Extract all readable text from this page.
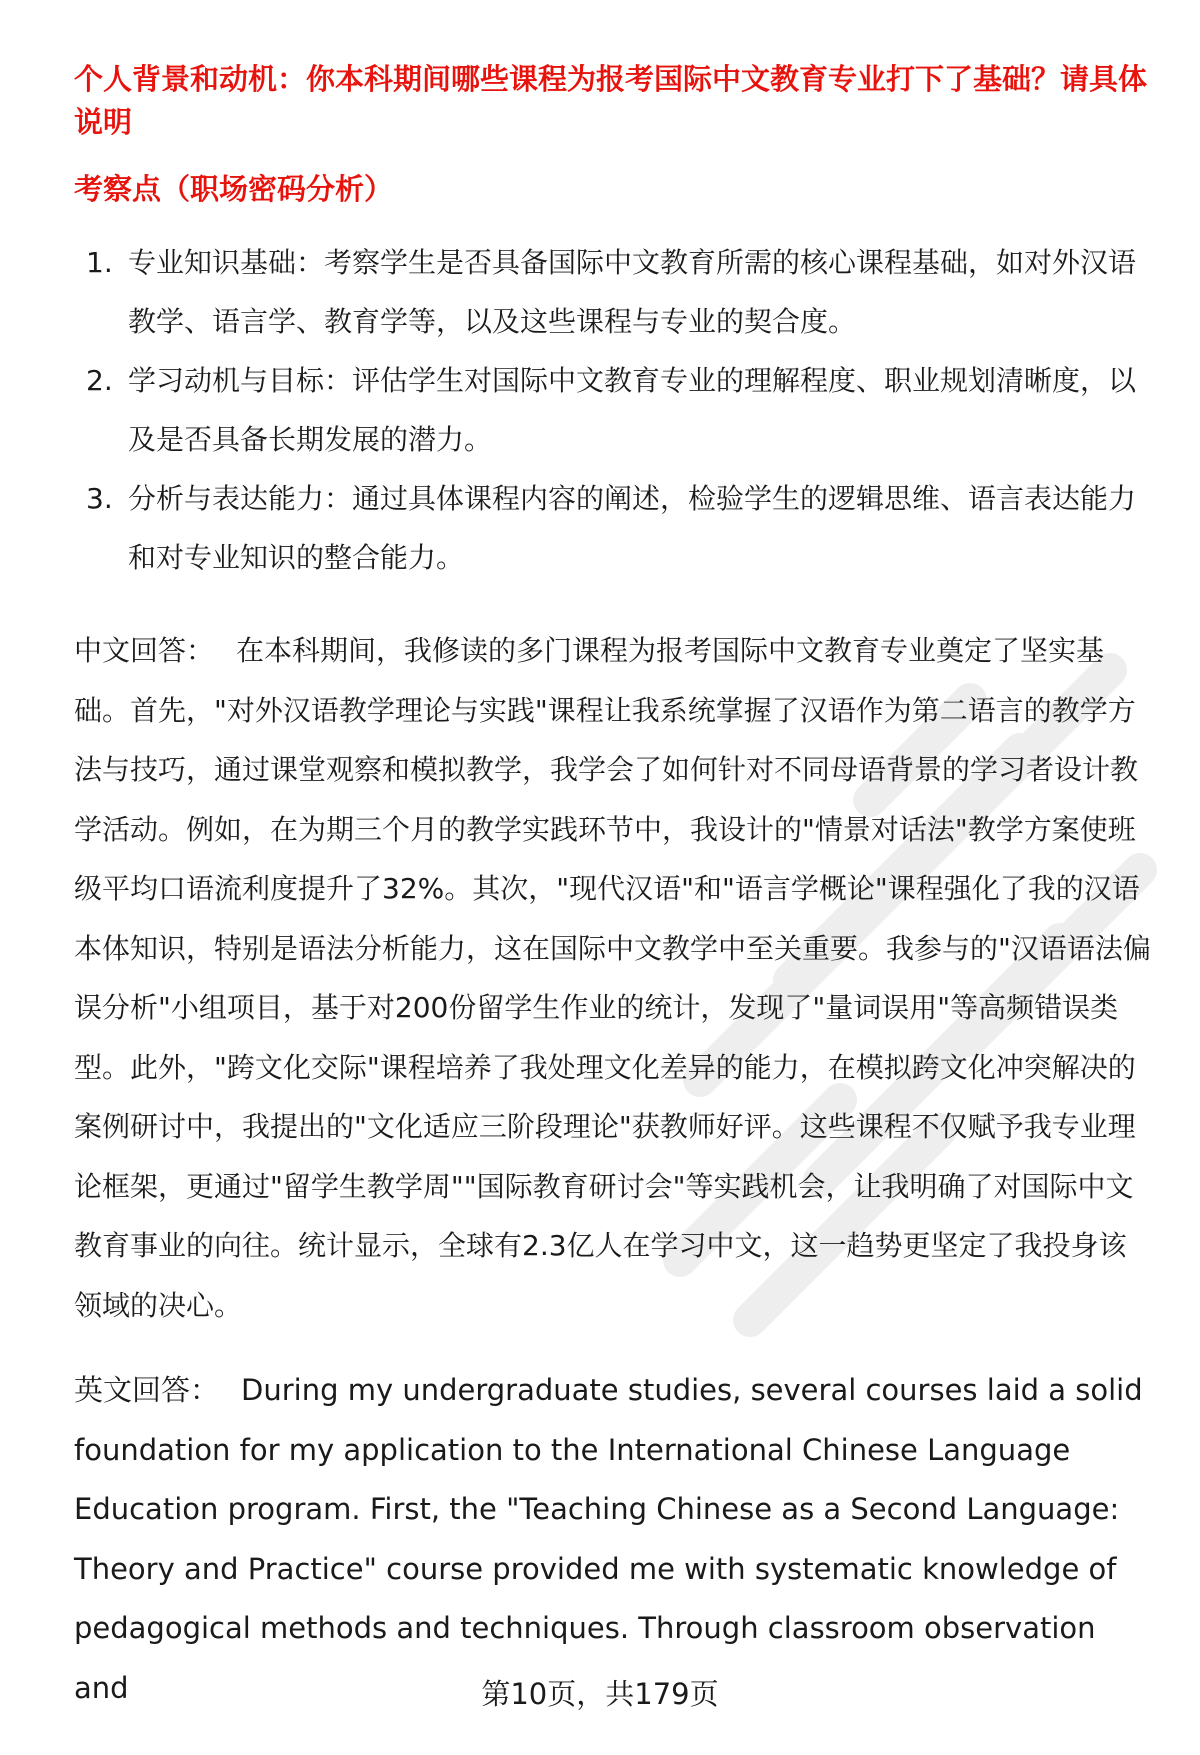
个人背景和动机：你本科期间哪些课程为报考国际中文教育专业打下了基础？请具体说明

考察点（职场密码分析）

1. 专业知识基础：考察学生是否具备国际中文教育所需的核心课程基础，如对外汉语教学、语言学、教育学等，以及这些课程与专业的契合度。
2. 学习动机与目标：评估学生对国际中文教育专业的理解程度、职业规划清晰度，以及是否具备长期发展的潜力。
3. 分析与表达能力：通过具体课程内容的阐述，检验学生的逻辑思维、语言表达能力和对专业知识的整合能力。

中文回答： 在本科期间，我修读的多门课程为报考国际中文教育专业奠定了坚实基础。首先，"对外汉语教学理论与实践"课程让我系统掌握了汉语作为第二语言的教学方法与技巧，通过课堂观察和模拟教学，我学会了如何针对不同母语背景的学习者设计教学活动。例如，在为期三个月的教学实践环节中，我设计的"情景对话法"教学方案使班级平均口语流利度提升了32%。其次，"现代汉语"和"语言学概论"课程强化了我的汉语本体知识，特别是语法分析能力，这在国际中文教学中至关重要。我参与的"汉语语法偏误分析"小组项目，基于对200份留学生作业的统计，发现了"量词误用"等高频错误类型。此外，"跨文化交际"课程培养了我处理文化差异的能力，在模拟跨文化冲突解决的案例研讨中，我提出的"文化适应三阶段理论"获教师好评。这些课程不仅赋予我专业理论框架，更通过"留学生教学周""国际教育研讨会"等实践机会，让我明确了对国际中文教育事业的向往。统计显示，全球有2.3亿人在学习中文，这一趋势更坚定了我投身该领域的决心。

英文回答： During my undergraduate studies, several courses laid a solid foundation for my application to the International Chinese Language Education program. First, the "Teaching Chinese as a Second Language: Theory and Practice" course provided me with systematic knowledge of pedagogical methods and techniques. Through classroom observation and	第10页，共179页
